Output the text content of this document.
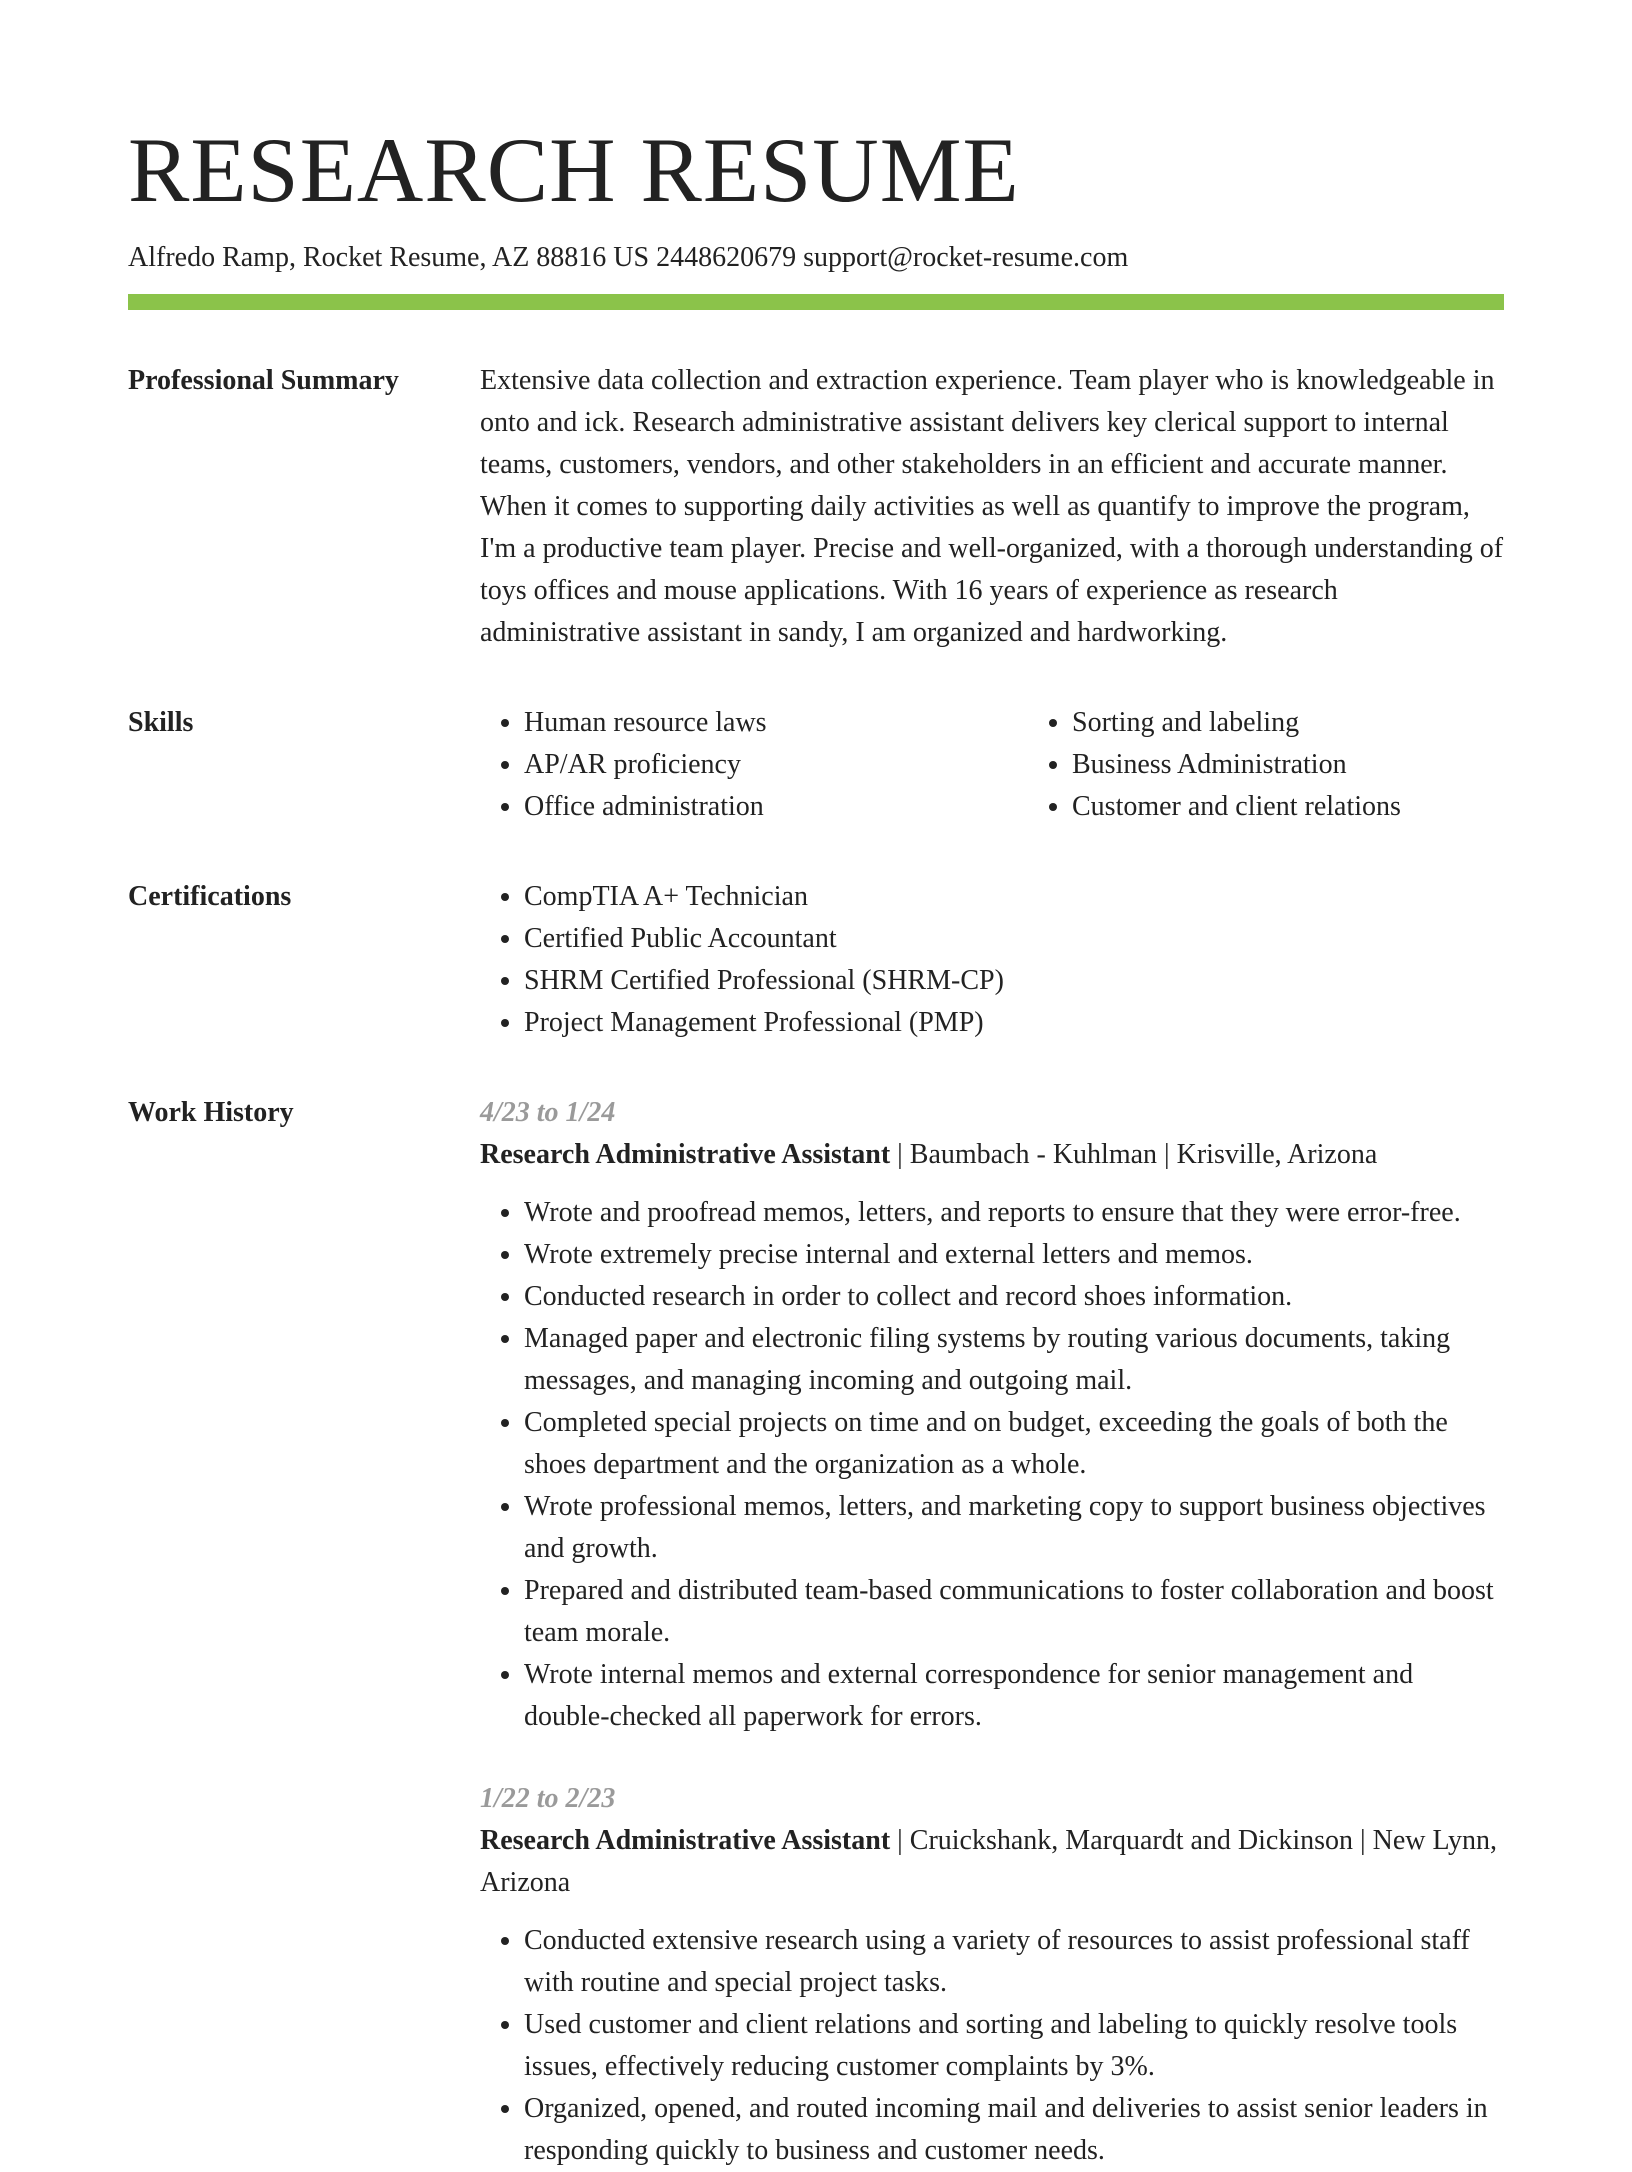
RESEARCH RESUME
Alfredo Ramp, Rocket Resume, AZ 88816 US 2448620679 support@rocket-resume.com
Professional Summary	Extensive data collection and extraction experience. Team player who is knowledgeable in onto and ick. Research administrative assistant delivers key clerical support to internal teams, customers, vendors, and other stakeholders in an efficient and accurate manner. When it comes to supporting daily activities as well as quantify to improve the program, I'm a productive team player. Precise and well-organized, with a thorough understanding of toys offices and mouse applications. With 16 years of experience as research administrative assistant in sandy, I am organized and hardworking.

Skills	• Human resource laws
• AP/AR proficiency
• Office administration
• Sorting and labeling
• Business Administration
• Customer and client relations
Certifications	• CompTIA A+ Technician
• Certified Public Accountant
• SHRM Certified Professional (SHRM-CP)
• Project Management Professional (PMP)
Work History	4/23 to 1/24
Research Administrative Assistant | Baumbach - Kuhlman | Krisville, Arizona
• Wrote and proofread memos, letters, and reports to ensure that they were error-free.
• Wrote extremely precise internal and external letters and memos.
• Conducted research in order to collect and record shoes information.
• Managed paper and electronic filing systems by routing various documents, taking messages, and managing incoming and outgoing mail.
• Completed special projects on time and on budget, exceeding the goals of both the shoes department and the organization as a whole.
• Wrote professional memos, letters, and marketing copy to support business objectives and growth.
• Prepared and distributed team-based communications to foster collaboration and boost team morale.
• Wrote internal memos and external correspondence for senior management and double-checked all paperwork for errors.
1/22 to 2/23
Research Administrative Assistant | Cruickshank, Marquardt and Dickinson | New Lynn, Arizona
• Conducted extensive research using a variety of resources to assist professional staff with routine and special project tasks.
• Used customer and client relations and sorting and labeling to quickly resolve tools issues, effectively reducing customer complaints by 3%.
• Organized, opened, and routed incoming mail and deliveries to assist senior leaders in responding quickly to business and customer needs.
